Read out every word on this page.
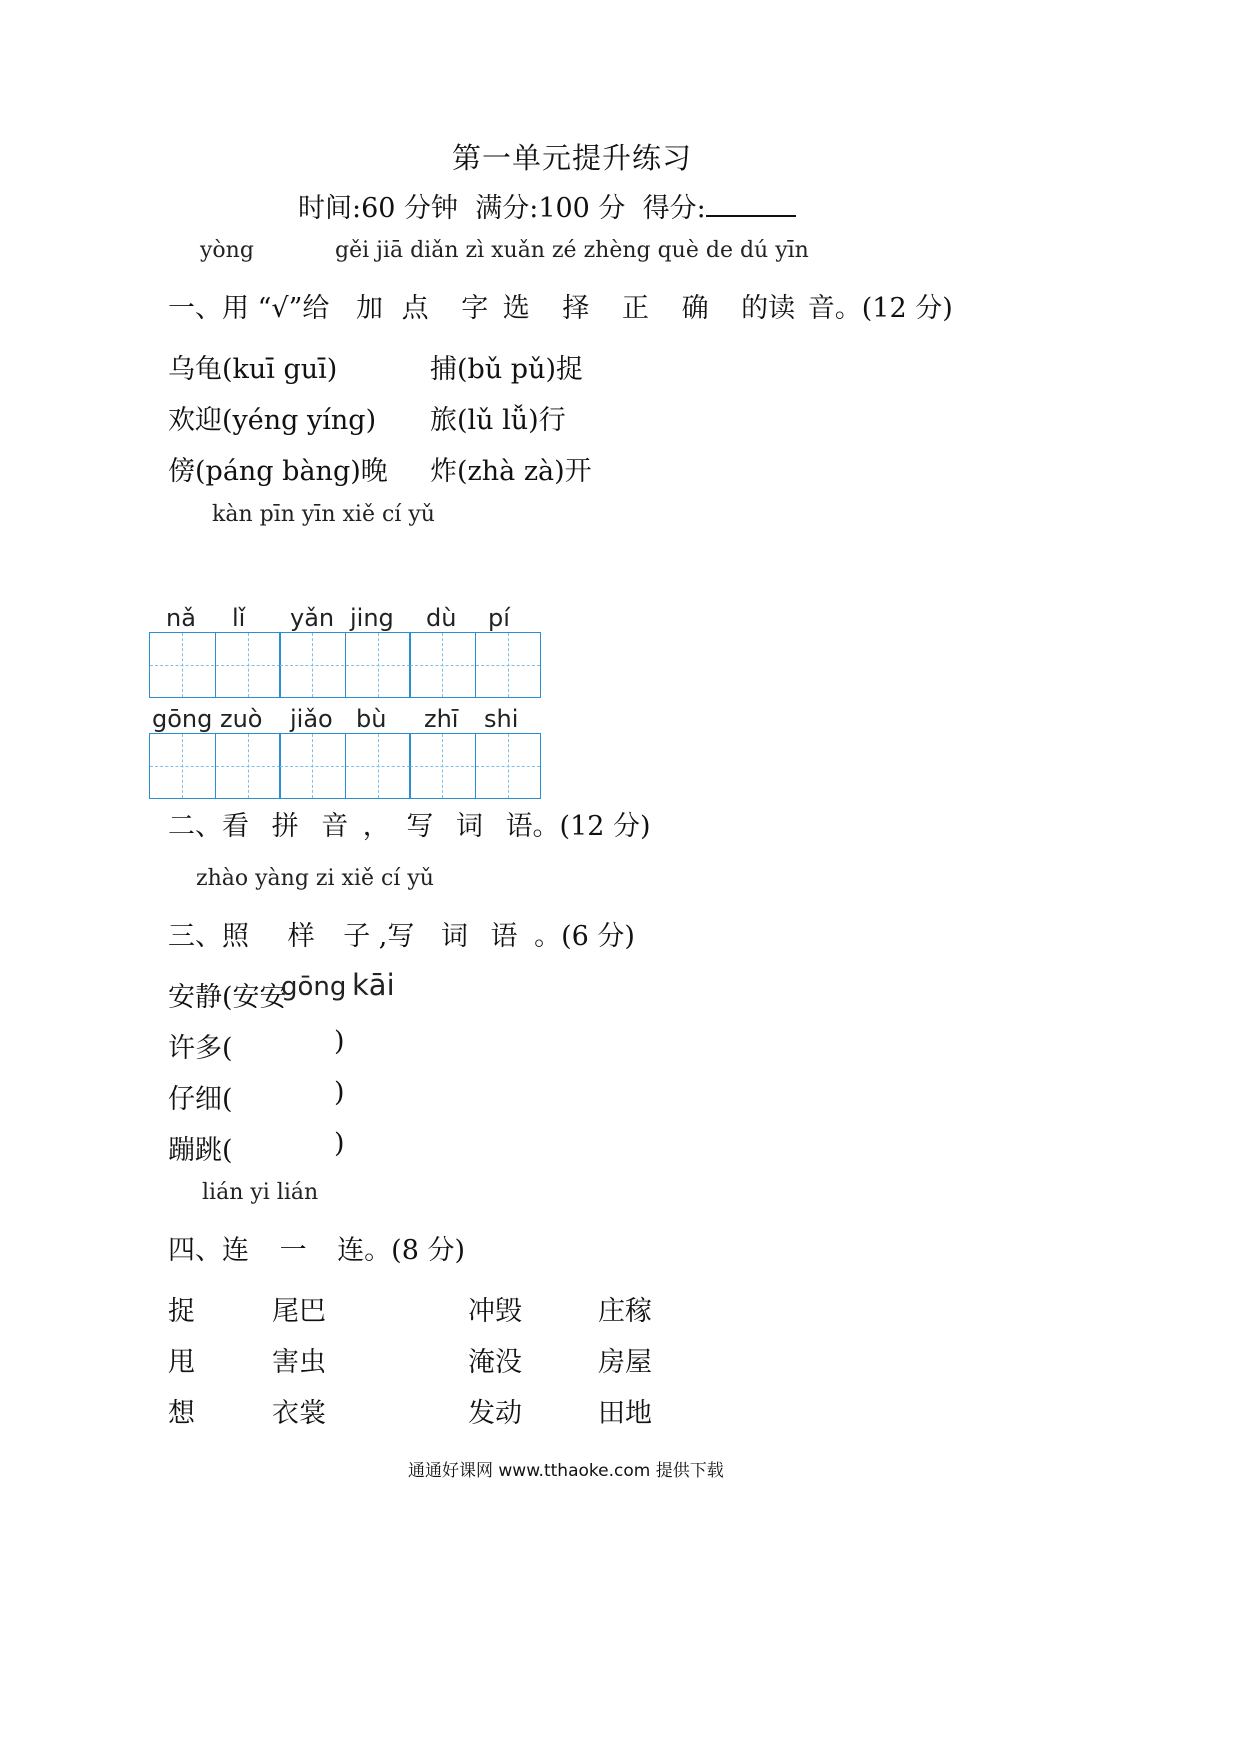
第一单元提升练习
时间:60 分钟 满分:100 分 得分:
yòng	gěi jiā diǎn zì xuǎn zé zhèng què de dú yīn
一、用 “√”给 加 点 字 选 择 正 确 的读 音。(12 分)
乌龟(kuī guī)	捕(bǔ pǔ)捉
欢迎(yéng yíng) 旅(lǔ lǚ)行
傍(páng bàng)晚 炸(zhà zà)开
kàn pīn yīn xiě cí yǔ
nǎ lǐ yǎn jing dù pí
gōng zuò jiǎo bù zhī shi
二、看 拼 音 ， 写 词 语。(12 分)
zhào yàng zi xiě cí yǔ
三、照 样 子 ,写 词 语 。(6 分)
安静(安安
gōng kāi
许多(	)
仔细(	)
蹦跳(	)
lián yi lián
四、连 一 连。(8 分)
捉	尾巴	冲毁	庄稼
甩	害虫	淹没	房屋
想	衣裳	发动	田地
通通好课网 www.tthaoke.com 提供下载
